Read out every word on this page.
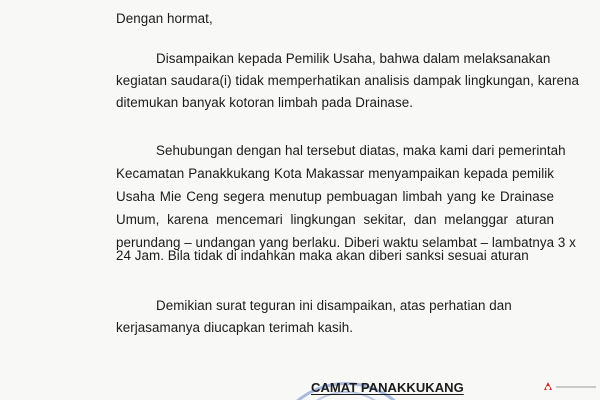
Dengan hormat,
Disampaikan kepada Pemilik Usaha, bahwa dalam melaksanakan
kegiatan saudara(i) tidak memperhatikan analisis dampak lingkungan, karena
ditemukan banyak kotoran limbah pada Drainase.
Sehubungan dengan hal tersebut diatas, maka kami dari pemerintah
Kecamatan Panakkukang Kota Makassar menyampaikan kepada pemilik
Usaha Mie Ceng segera menutup pembuagan limbah yang ke Drainase
Umum, karena mencemari lingkungan sekitar, dan melanggar aturan
perundang – undangan yang berlaku. Diberi waktu selambat – lambatnya 3 x
24 Jam. Bila tidak di indahkan maka akan diberi sanksi sesuai aturan
Demikian surat teguran ini disampaikan, atas perhatian dan
kerjasamanya diucapkan terimah kasih.
CAMAT PANAKKUKANG
